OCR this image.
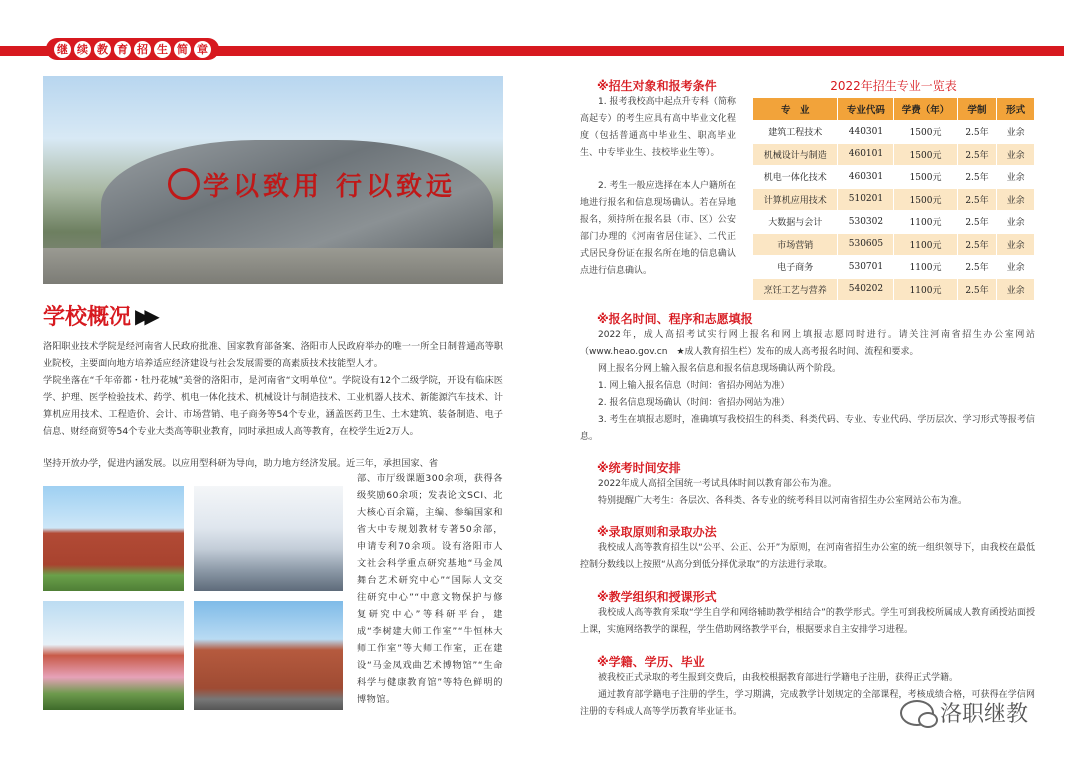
继 续 教 育 招 生 简 章
学以致用 行以致远
学校概况 ▶▶
洛阳职业技术学院是经河南省人民政府批准、国家教育部备案、洛阳市人民政府举办的唯一一所全日制普通高等职业院校，主要面向地方培养适应经济建设与社会发展需要的高素质技术技能型人才。
学院坐落在“千年帝都・牡丹花城”美誉的洛阳市，是河南省“文明单位”。学院设有12个二级学院，开设有临床医学、护理、医学检验技术、药学、机电一体化技术、机械设计与制造技术、工业机器人技术、新能源汽车技术、计算机应用技术、工程造价、会计、市场营销、电子商务等54个专业，涵盖医药卫生、土木建筑、装备制造、电子信息、财经商贸等54个专业大类高等职业教育，同时承担成人高等教育，在校学生近2万人。
坚持开放办学，促进内涵发展。以应用型科研为导向，助力地方经济发展。近三年，承担国家、省
部、市厅级课题300余项，获得各级奖励60余项；发表论文SCI、北大核心百余篇，主编、参编国家和省大中专规划教材专著50余部，申请专利70余项。设有洛阳市人文社会科学重点研究基地“马金凤舞台艺术研究中心”“国际人文交往研究中心”“中意文物保护与修复研究中心”等科研平台，建成“李树建大师工作室”“牛恒林大师工作室”等大师工作室，正在建设“马金凤戏曲艺术博物馆”“生命科学与健康教育馆”等特色鲜明的博物馆。
※招生对象和报考条件
1. 报考我校高中起点升专科（简称高起专）的考生应具有高中毕业文化程度（包括普通高中毕业生、职高毕业生、中专毕业生、技校毕业生等）。
2. 考生一般应选择在本人户籍所在地进行报名和信息现场确认。若在异地报名，须持所在报名县（市、区）公安部门办理的《河南省居住证》、二代正式居民身份证在报名所在地的信息确认点进行信息确认。
2022年招生专业一览表
专　业	专业代码	学费（年）	学制	形式
建筑工程技术	440301	1500元	2.5年	业余
机械设计与制造	460101	1500元	2.5年	业余
机电一体化技术	460301	1500元	2.5年	业余
计算机应用技术	510201	1500元	2.5年	业余
大数据与会计	530302	1100元	2.5年	业余
市场营销	530605	1100元	2.5年	业余
电子商务	530701	1100元	2.5年	业余
烹饪工艺与营养	540202	1100元	2.5年	业余
※报名时间、程序和志愿填报
2022年，成人高招考试实行网上报名和网上填报志愿同时进行。请关注河南省招生办公室网站（www.heao.gov.cn　★成人教育招生栏）发布的成人高考报名时间、流程和要求。
网上报名分网上输入报名信息和报名信息现场确认两个阶段。
1. 网上输入报名信息（时间：省招办网站为准）
2. 报名信息现场确认（时间：省招办网站为准）
3. 考生在填报志愿时，准确填写我校招生的科类、科类代码、专业、专业代码、学历层次、学习形式等报考信息。
※统考时间安排
2022年成人高招全国统一考试具体时间以教育部公布为准。
特别提醒广大考生：各层次、各科类、各专业的统考科目以河南省招生办公室网站公布为准。
※录取原则和录取办法
我校成人高等教育招生以“公平、公正、公开”为原则，在河南省招生办公室的统一组织领导下，由我校在最低控制分数线以上按照“从高分到低分择优录取”的方法进行录取。
※教学组织和授课形式
我校成人高等教育采取“学生自学和网络辅助教学相结合”的教学形式。学生可到我校所属成人教育函授站面授上课，实施网络教学的课程，学生借助网络教学平台，根据要求自主安排学习进程。
※学籍、学历、毕业
被我校正式录取的考生报到交费后，由我校根据教育部进行学籍电子注册，获得正式学籍。
通过教育部学籍电子注册的学生，学习期满，完成教学计划规定的全部课程，考核成绩合格，可获得在学信网注册的专科成人高等学历教育毕业证书。	洛职继教
